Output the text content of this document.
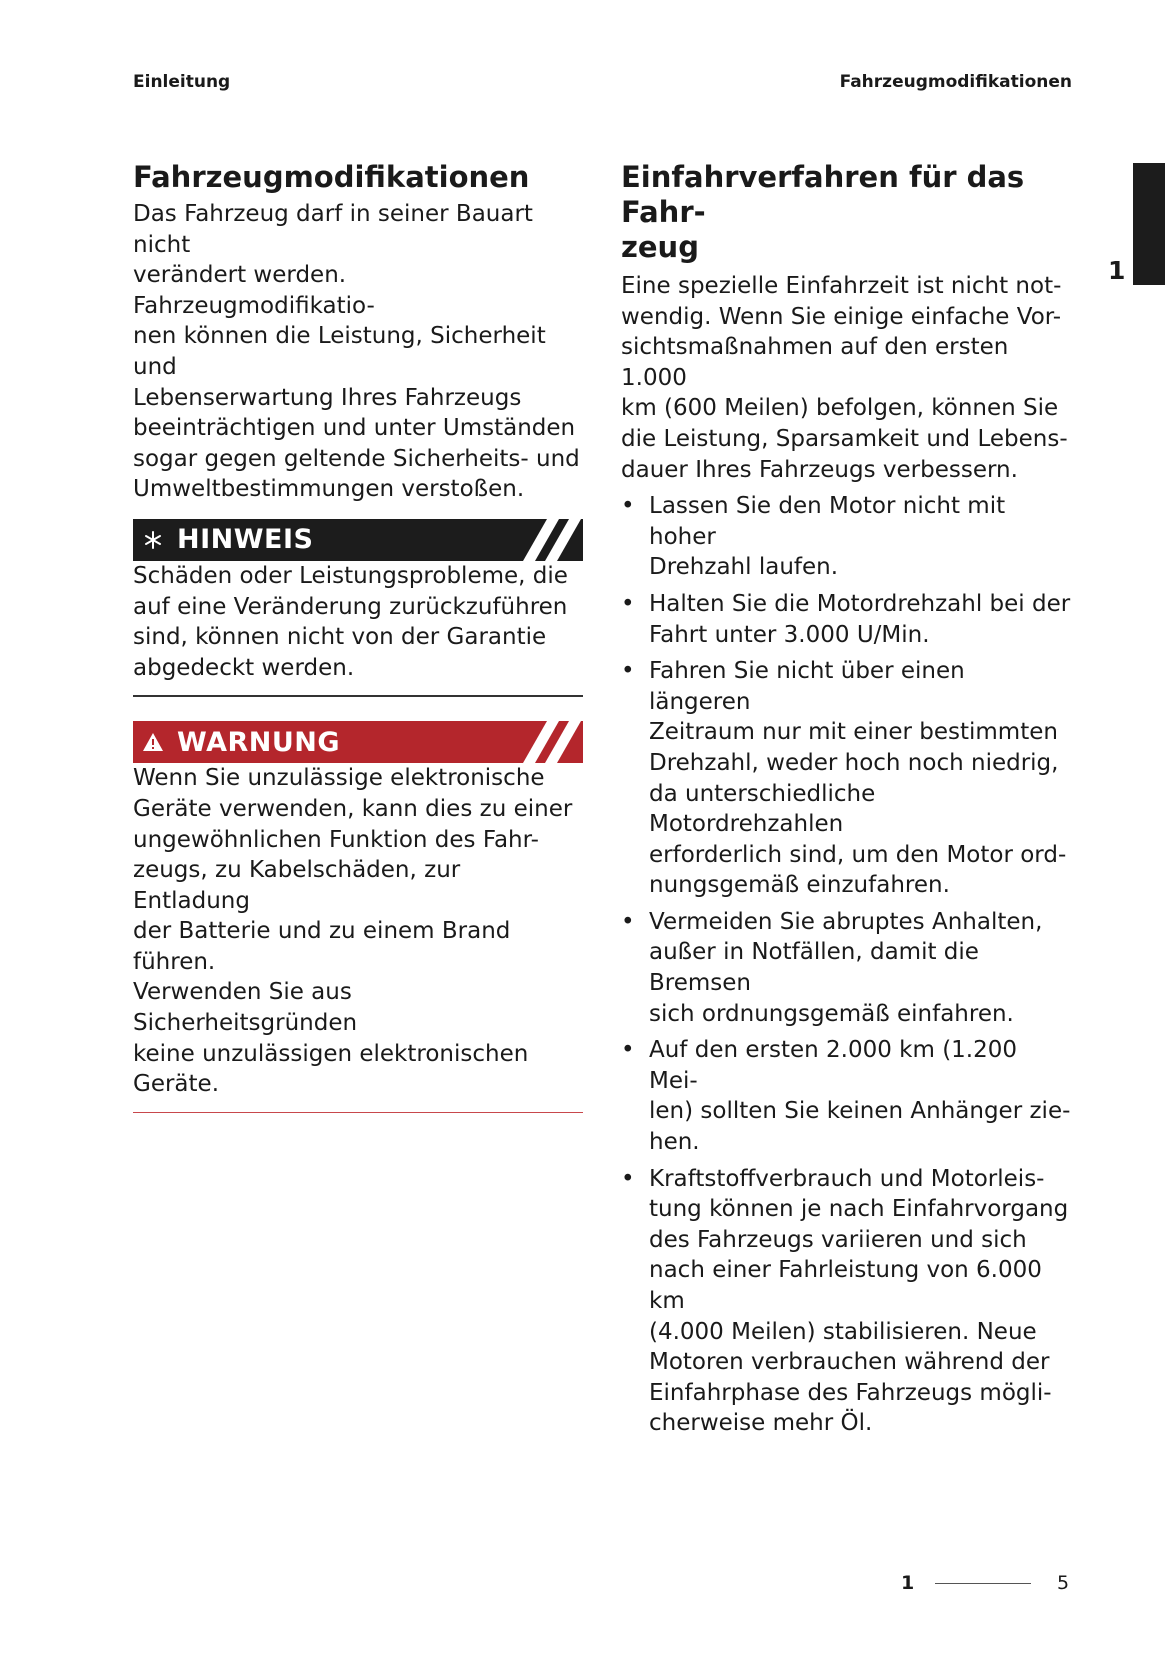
Einleitung	Fahrzeugmodifikationen
1
Fahrzeugmodifikationen

Das Fahrzeug darf in seiner Bauart nicht
verändert werden. Fahrzeugmodifikatio-
nen können die Leistung, Sicherheit und
Lebenserwartung Ihres Fahrzeugs
beeinträchtigen und unter Umständen
sogar gegen geltende Sicherheits- und
Umweltbestimmungen verstoßen.

HINWEIS

Schäden oder Leistungsprobleme, die
auf eine Veränderung zurückzuführen
sind, können nicht von der Garantie
abgedeckt werden.

WARNUNG

Wenn Sie unzulässige elektronische
Geräte verwenden, kann dies zu einer
ungewöhnlichen Funktion des Fahr-
zeugs, zu Kabelschäden, zur Entladung
der Batterie und zu einem Brand führen.
Verwenden Sie aus Sicherheitsgründen
keine unzulässigen elektronischen
Geräte.

Einfahrverfahren für das Fahr-
zeug

Eine spezielle Einfahrzeit ist nicht not-
wendig. Wenn Sie einige einfache Vor-
sichtsmaßnahmen auf den ersten 1.000
km (600 Meilen) befolgen, können Sie
die Leistung, Sparsamkeit und Lebens-
dauer Ihres Fahrzeugs verbessern.

• Lassen Sie den Motor nicht mit hoher
Drehzahl laufen.
• Halten Sie die Motordrehzahl bei der
Fahrt unter 3.000 U/Min.
• Fahren Sie nicht über einen längeren
Zeitraum nur mit einer bestimmten
Drehzahl, weder hoch noch niedrig,
da unterschiedliche Motordrehzahlen
erforderlich sind, um den Motor ord-
nungsgemäß einzufahren.
• Vermeiden Sie abruptes Anhalten,
außer in Notfällen, damit die Bremsen
sich ordnungsgemäß einfahren.
• Auf den ersten 2.000 km (1.200 Mei-
len) sollten Sie keinen Anhänger zie-
hen.
• Kraftstoffverbrauch und Motorleis-
tung können je nach Einfahrvorgang
des Fahrzeugs variieren und sich
nach einer Fahrleistung von 6.000 km
(4.000 Meilen) stabilisieren. Neue
Motoren verbrauchen während der
Einfahrphase des Fahrzeugs mögli-
cherweise mehr Öl.
1	5
